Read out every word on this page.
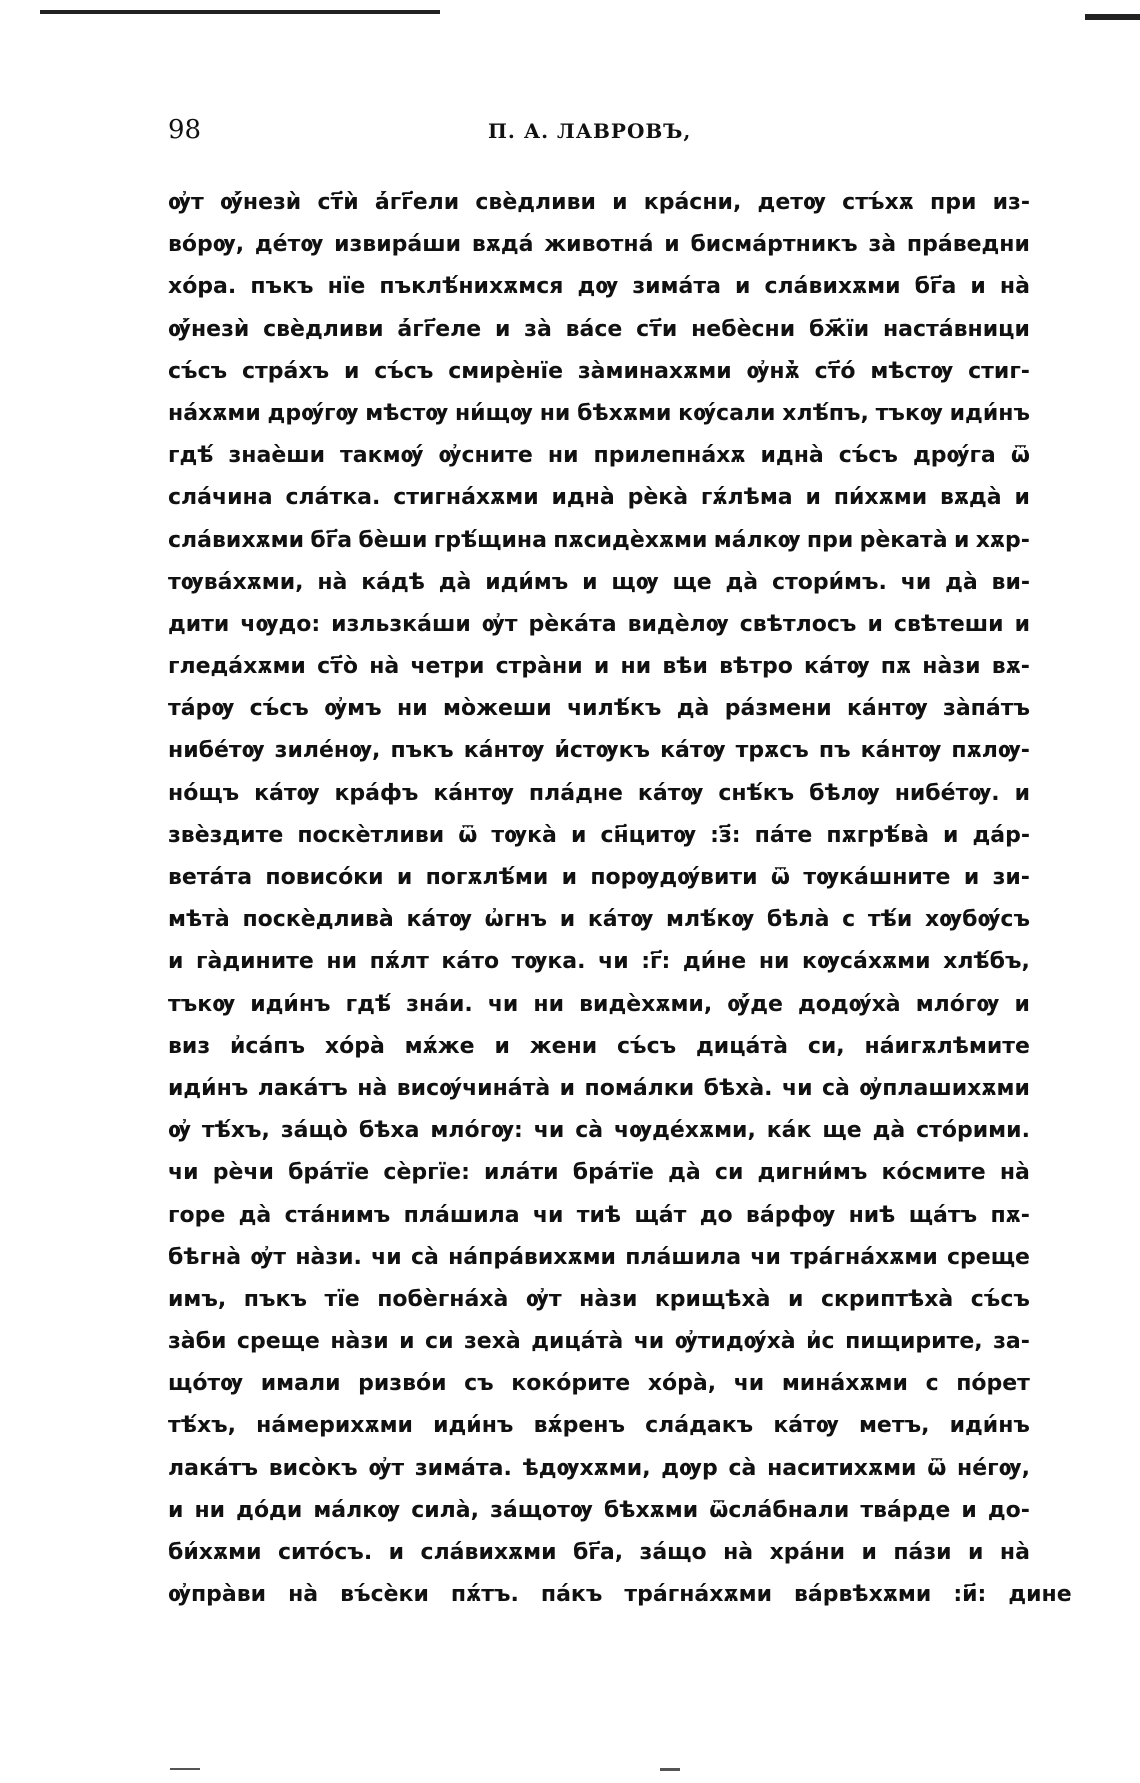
98	П. А. ЛАВРОВЪ,
ѹ҆т ѹ҆́незѝ ст҃ѝ а҆́гг҃ели свѐдливи и кра́сни, детѹ стъ́хѫ при из-
во́рѹ, де́тѹ извира́ши вѫда́ животна́ и бисма́ртникъ за̀ пра́ведни
хо́ра. пъкъ нїе пъклѣ́нихѫмся дѹ зима́та и сла́вихѫми бг҃а и на̀
ѹ҆́незѝ свѐдливи а҆́гг҃еле и за̀ ва́се ст҃и небѐсни бж҃їи наста́вници
съ́съ стра́хъ и съ́съ смирѐнїе за̀минахѫми ѹ҆нѫ҆̀ ст҃о́ мѣстѹ стиг-
на́хѫми дрѹ́гѹ мѣстѹ ни́щѹ ни бѣхѫми кѹ́сали хлѣ́пъ, тъкѹ иди́нъ
гдѣ́ знаѐши такмѹ́ ѹ҆сните ни прилепна́хѫ идна̀ съ́съ дрѹ́га ѿ
сла́чина сла́тка. стигна́хѫми идна̀ рѐка̀ гѫ́лѣма и пи́хѫми вѫда̀ и
сла́вихѫми бг҃а бѐши грѣ́щина пѫсидѐхѫми ма́лкѹ при рѐката̀ и хѫр-
тѹва́хѫми, на̀ ка́дѣ да̀ иди́мъ и щѹ ще да̀ стори́мъ. чи да̀ ви-
дити чѹдо: изльзка́ши ѹ҆т рѐка́та видѐлѹ свѣтлосъ и свѣтеши и
гледа́хѫми ст҃о̀ на̀ четри стра̀ни и ни вѣи вѣтро ка́тѹ пѫ на̀зи вѫ-
та́рѹ съ́съ ѹ҆мъ ни мо̀жеши чилѣ́къ да̀ ра́змени ка́нтѹ за̀па́тъ
нибе́тѹ зиле́нѹ, пъкъ ка́нтѹ и҆́стѹкъ ка́тѹ трѫсъ пъ ка́нтѹ пѫлѹ-
но́щъ ка́тѹ кра́фъ ка́нтѹ пла́дне ка́тѹ снѣ́къ бѣлѹ нибе́тѹ. и
звѐздите поскѐтливи ѿ тѹка̀ и сн҃цитѹ :з҃: па́те пѫгрѣ́ва̀ и да́р-
вета́та повисо́ки и погѫлѣ́ми и порѹдѹ́вити ѿ тѹка́шните и зи-
мѣта̀ поскѐдлива̀ ка́тѹ ѡ҆гнъ и ка́тѹ млѣ́кѹ бѣла̀ с тѣ́и хѹбѹ́съ
и га̀дините ни пѫ́лт ка́то тѹка. чи :г҃: ди́не ни кѹса́хѫми хлѣ́бъ,
тъкѹ иди́нъ гдѣ́ зна́и. чи ни видѐхѫми, ѹ҆́де додѹ́ха̀ мло́гѹ и
виз и҆са́пъ хо́ра̀ мѫ́же и жени съ́съ дица́та̀ си, на́игѫлѣмите
иди́нъ лака́тъ на̀ висѹ́чина́та̀ и пома́лки бѣха̀. чи са̀ ѹ҆плашихѫми
ѹ҆ тѣ́хъ, за́що̀ бѣха мло́гѹ: чи са̀ чѹде́хѫми, ка́к ще да̀ сто́рими.
чи рѐчи бра́тїе сѐргїе: ила́ти бра́тїе да̀ си дигни́мъ ко́смите на̀
горе да̀ ста́нимъ пла́шила чи тиѣ ща́т до ва́рфѹ ниѣ ща́тъ пѫ-
бѣгна̀ ѹ҆т на̀зи. чи са̀ на́пра́вихѫми пла́шила чи тра́гна́хѫми среще
имъ, пъкъ тїе побѐгна́ха̀ ѹ҆т на̀зи крищѣха̀ и скриптѣха̀ съ́съ
за̀би среще на̀зи и си зеха̀ дица́та̀ чи ѹ҆тидѹ́ха̀ и҆с пищирите, за-
що́тѹ имали ризво́и съ коко́рите хо́ра̀, чи мина́хѫми с по́рет
тѣ́хъ, на́мерихѫми иди́нъ вѫ́ренъ сла́дакъ ка́тѹ метъ, иди́нъ
лака́тъ висо̀къ ѹ҆т зима́та. ѣдѹхѫми, дѹр са̀ наситихѫми ѿ не́гѹ,
и ни до́ди ма́лкѹ сила̀, за́щотѹ бѣхѫми ѿсла́бнали тва́рде и до-
би́хѫми сито́съ. и сла́вихѫми бг҃а, за́що на̀ хра́ни и па́зи и на̀
ѹ҆пра̀ви на̀ въ́сѐки пѫ́тъ. па́къ тра́гна́хѫми ва́рвѣхѫми :и҃: дине
